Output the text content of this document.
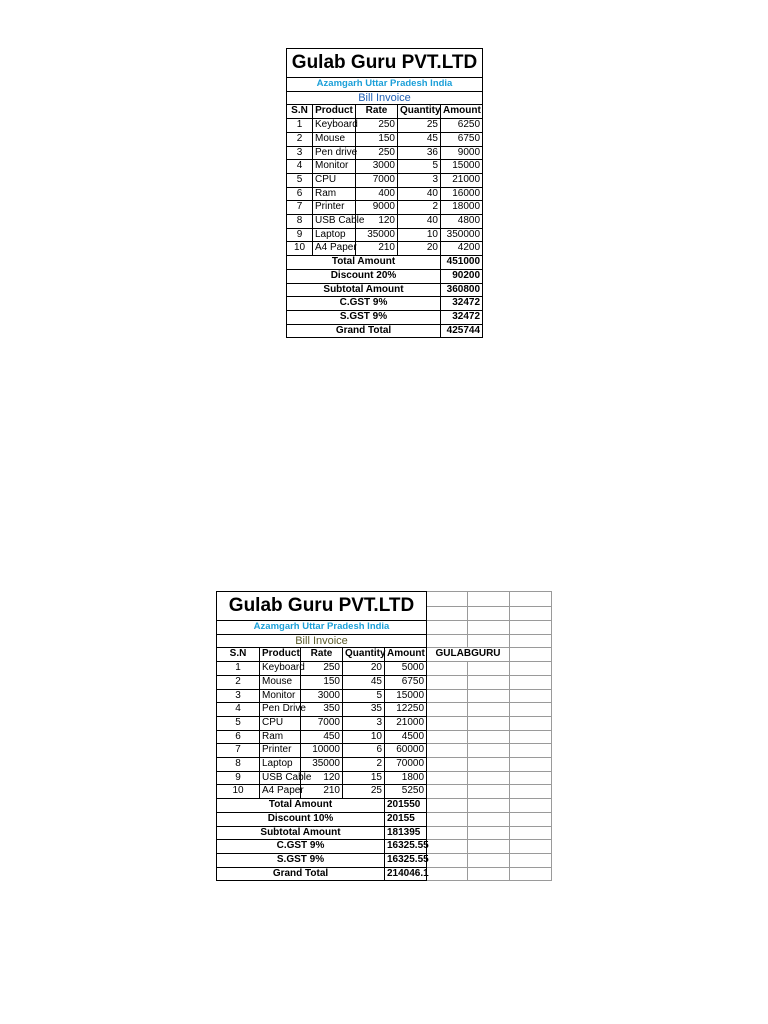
Gulab Guru PVT.LTD				
Azamgarh Uttar Pradesh India				
Bill Invoice				
S.N	Product	Rate	Quantity	Amount
1	Keyboard	250	25	6250
2	Mouse	150	45	6750
3	Pen drive	250	36	9000
4	Monitor	3000	5	15000
5	CPU	7000	3	21000
6	Ram	400	40	16000
7	Printer	9000	2	18000
8	USB Cable	120	40	4800
9	Laptop	35000	10	350000
10	A4 Paper	210	20	4200
Total Amount				451000
Discount 20%				90200
Subtotal Amount				360800
C.GST 9%				32472
S.GST 9%				32472
Grand Total				425744
Gulab Guru PVT.LTD							

Azamgarh Uttar Pradesh India							
Bill Invoice							
S.N	Product	Rate	Quantity	Amount	GULABGURU		
1	Keyboard	250	20	5000			
2	Mouse	150	45	6750			
3	Monitor	3000	5	15000			
4	Pen Drive	350	35	12250			
5	CPU	7000	3	21000			
6	Ram	450	10	4500			
7	Printer	10000	6	60000			
8	Laptop	35000	2	70000			
9	USB Cable	120	15	1800			
10	A4 Paper	210	25	5250			
Total Amount				201550			
Discount 10%				20155			
Subtotal Amount				181395			
C.GST 9%				16325.55			
S.GST 9%				16325.55			
Grand Total				214046.1			
